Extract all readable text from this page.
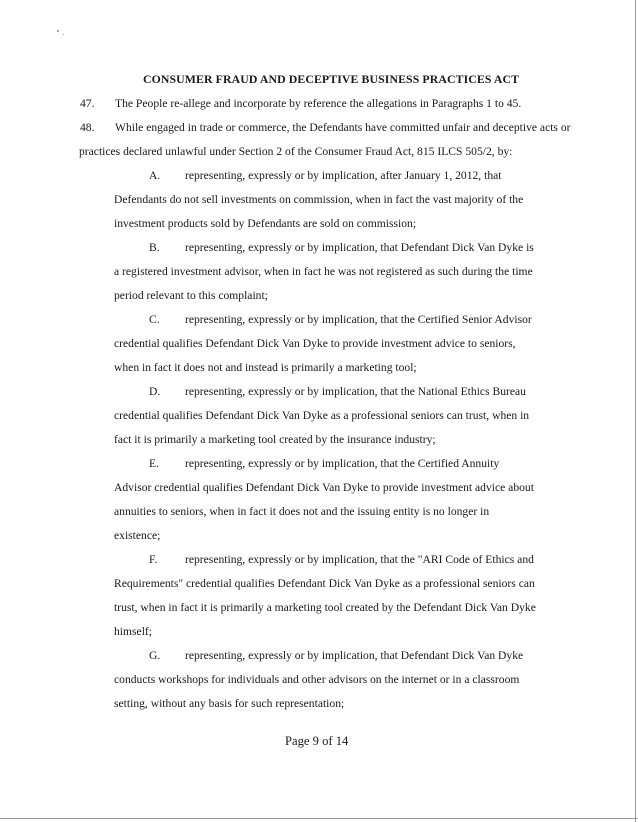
CONSUMER FRAUD AND DECEPTIVE BUSINESS PRACTICES ACT
47. The People re-allege and incorporate by reference the allegations in Paragraphs 1 to 45.
48. While engaged in trade or commerce, the Defendants have committed unfair and deceptive acts or
practices declared unlawful under Section 2 of the Consumer Fraud Act, 815 ILCS 505/2, by:
A. representing, expressly or by implication, after January 1, 2012, that
Defendants do not sell investments on commission, when in fact the vast majority of the
investment products sold by Defendants are sold on commission;
B. representing, expressly or by implication, that Defendant Dick Van Dyke is
a registered investment advisor, when in fact he was not registered as such during the time
period relevant to this complaint;
C. representing, expressly or by implication, that the Certified Senior Advisor
credential qualifies Defendant Dick Van Dyke to provide investment advice to seniors,
when in fact it does not and instead is primarily a marketing tool;
D. representing, expressly or by implication, that the National Ethics Bureau
credential qualifies Defendant Dick Van Dyke as a professional seniors can trust, when in
fact it is primarily a marketing tool created by the insurance industry;
E. representing, expressly or by implication, that the Certified Annuity
Advisor credential qualifies Defendant Dick Van Dyke to provide investment advice about
annuities to seniors, when in fact it does not and the issuing entity is no longer in
existence;
F. representing, expressly or by implication, that the "ARI Code of Ethics and
Requirements" credential qualifies Defendant Dick Van Dyke as a professional seniors can
trust, when in fact it is primarily a marketing tool created by the Defendant Dick Van Dyke
himself;
G. representing, expressly or by implication, that Defendant Dick Van Dyke
conducts workshops for individuals and other advisors on the internet or in a classroom
setting, without any basis for such representation;
Page 9 of 14
